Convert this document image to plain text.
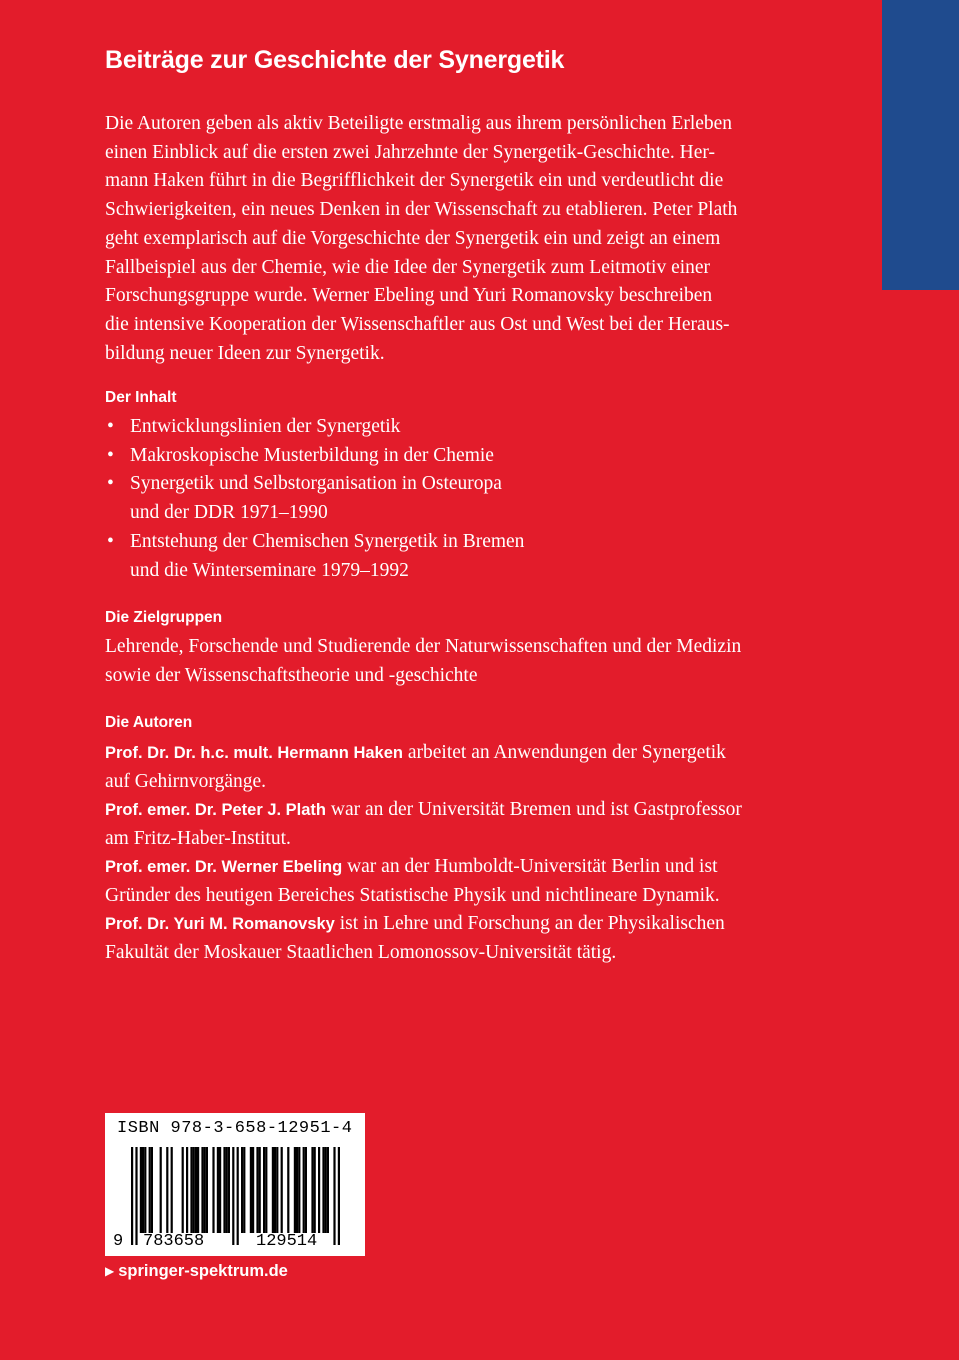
Beiträge zur Geschichte der Synergetik

Die Autoren geben als aktiv Beteiligte erstmalig aus ihrem persönlichen Erleben
einen Einblick auf die ersten zwei Jahrzehnte der Synergetik-Geschichte. Her-
mann Haken führt in die Begrifflichkeit der Synergetik ein und verdeutlicht die
Schwierigkeiten, ein neues Denken in der Wissenschaft zu etablieren. Peter Plath
geht exemplarisch auf die Vorgeschichte der Synergetik ein und zeigt an einem
Fallbeispiel aus der Chemie, wie die Idee der Synergetik zum Leitmotiv einer
Forschungsgruppe wurde. Werner Ebeling und Yuri Romanovsky beschreiben
die intensive Kooperation der Wissenschaftler aus Ost und West bei der Heraus-
bildung neuer Ideen zur Synergetik.

Der Inhalt
• Entwicklungslinien der Synergetik
• Makroskopische Musterbildung in der Chemie
• Synergetik und Selbstorganisation in Osteuropa
und der DDR 1971–1990
• Entstehung der Chemischen Synergetik in Bremen
und die Winterseminare 1979–1992
Die Zielgruppen

Lehrende, Forschende und Studierende der Naturwissenschaften und der Medizin
sowie der Wissenschaftstheorie und -geschichte

Die Autoren

Prof. Dr. Dr. h.c. mult. Hermann Haken arbeitet an Anwendungen der Synergetik
auf Gehirnvorgänge.

Prof. emer. Dr. Peter J. Plath war an der Universität Bremen und ist Gastprofessor
am Fritz-Haber-Institut.

Prof. emer. Dr. Werner Ebeling war an der Humboldt-Universität Berlin und ist
Gründer des heutigen Bereiches Statistische Physik und nichtlineare Dynamik.

Prof. Dr. Yuri M. Romanovsky ist in Lehre und Forschung an der Physikalischen
Fakultät der Moskauer Staatlichen Lomonossov-Universität tätig.

ISBN 978-3-658-12951-4
9 783658	129514
▶ springer-spektrum.de
